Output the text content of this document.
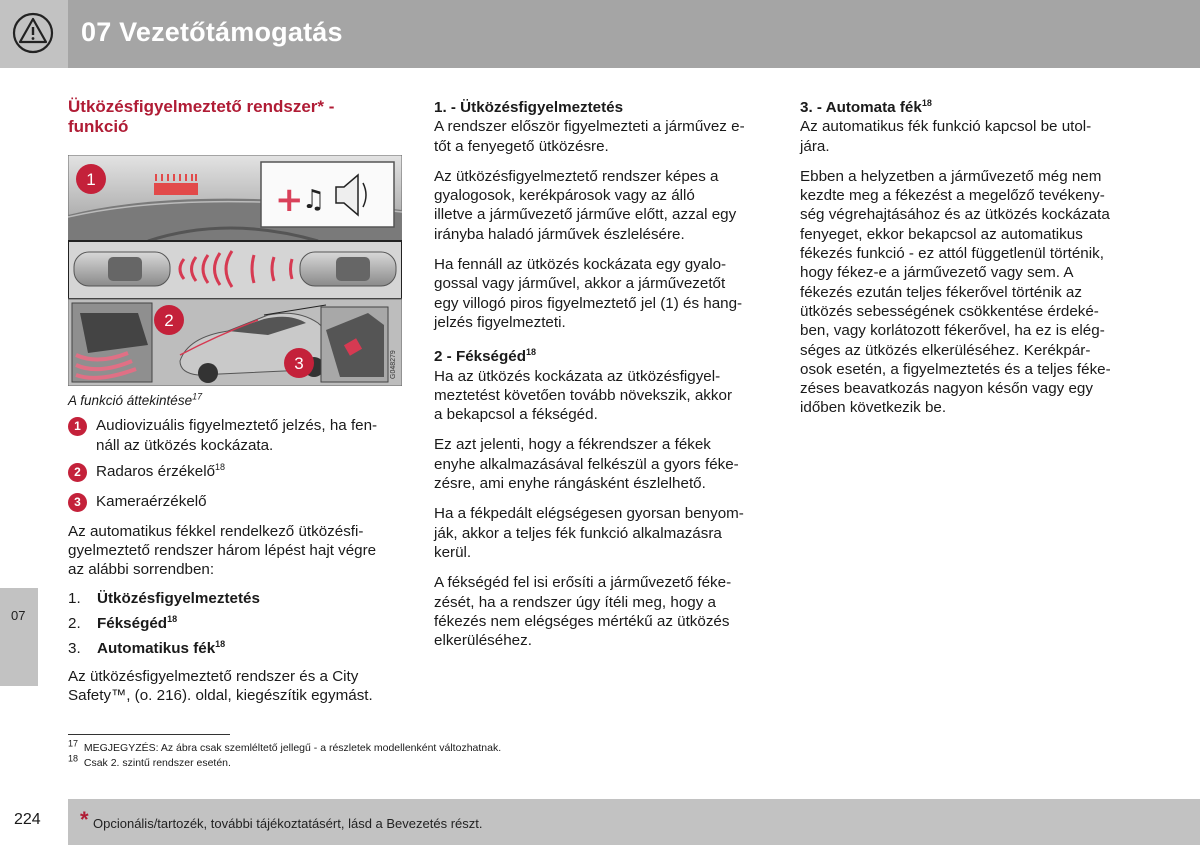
07 Vezetőtámogatás
07
Ütközésfigyelmeztető rendszer* -
funkció
+
♫
1
2
3	G048279
A funkció áttekintése$^{17}$
1 Audiovizuális figyelmeztető jelzés, ha fen-
náll az ütközés kockázata.
2 Radaros érzékelő$^{18}$
3 Kameraérzékelő

Az automatikus fékkel rendelkező ütközésfi-
gyelmeztető rendszer három lépést hajt végre
az alábbi sorrendben:

1.	Ütközésfigyelmeztetés
2.	Fékségéd$^{18}$
3.	Automatikus fék$^{18}$

Az ütközésfigyelmeztető rendszer és a City
Safety™, (o. 216). oldal, kiegészítik egymást.

1. - Ütközésfigyelmeztetés

A rendszer először figyelmezteti a járművez e-
tőt a fenyegető ütközésre.

Az ütközésfigyelmeztető rendszer képes a
gyalogosok, kerékpárosok vagy az álló
illetve a járművezető járműve előtt, azzal egy
irányba haladó járművek észlelésére.

Ha fennáll az ütközés kockázata egy gyalo-
gossal vagy járművel, akkor a járművezetőt
egy villogó piros figyelmeztető jel (1) és hang-
jelzés figyelmezteti.

2 - Fékségéd$^{18}$

Ha az ütközés kockázata az ütközésfigyel-
meztetést követően tovább növekszik, akkor
a bekapcsol a fékségéd.

Ez azt jelenti, hogy a fékrendszer a fékek
enyhe alkalmazásával felkészül a gyors féke-
zésre, ami enyhe rángásként észlelhető.

Ha a fékpedált elégségesen gyorsan benyom-
ják, akkor a teljes fék funkció alkalmazásra
kerül.

A fékségéd fel isi erősíti a járművezető féke-
zését, ha a rendszer úgy ítéli meg, hogy a
fékezés nem elégséges mértékű az ütközés
elkerüléséhez.

3. - Automata fék$^{18}$

Az automatikus fék funkció kapcsol be utol-
jára.

Ebben a helyzetben a járművezető még nem
kezdte meg a fékezést a megelőző tevékeny-
ség végrehajtásához és az ütközés kockázata
fenyeget, ekkor bekapcsol az automatikus
fékezés funkció - ez attól függetlenül történik,
hogy fékez-e a járművezető vagy sem. A
fékezés ezután teljes fékerővel történik az
ütközés sebességének csökkentése érdeké-
ben, vagy korlátozott fékerővel, ha ez is elég-
séges az ütközés elkerüléséhez. Kerékpár-
osok esetén, a figyelmeztetés és a teljes féke-
zéses beavatkozás nagyon későn vagy egy
időben következik be.

$^{17}$ MEGJEGYZÉS: Az ábra csak szemléltető jellegű - a részletek modellenként változhatnak.
$^{18}$ Csak 2. szintű rendszer esetén.
224 * Opcionális/tartozék, további tájékoztatásért, lásd a Bevezetés részt.
